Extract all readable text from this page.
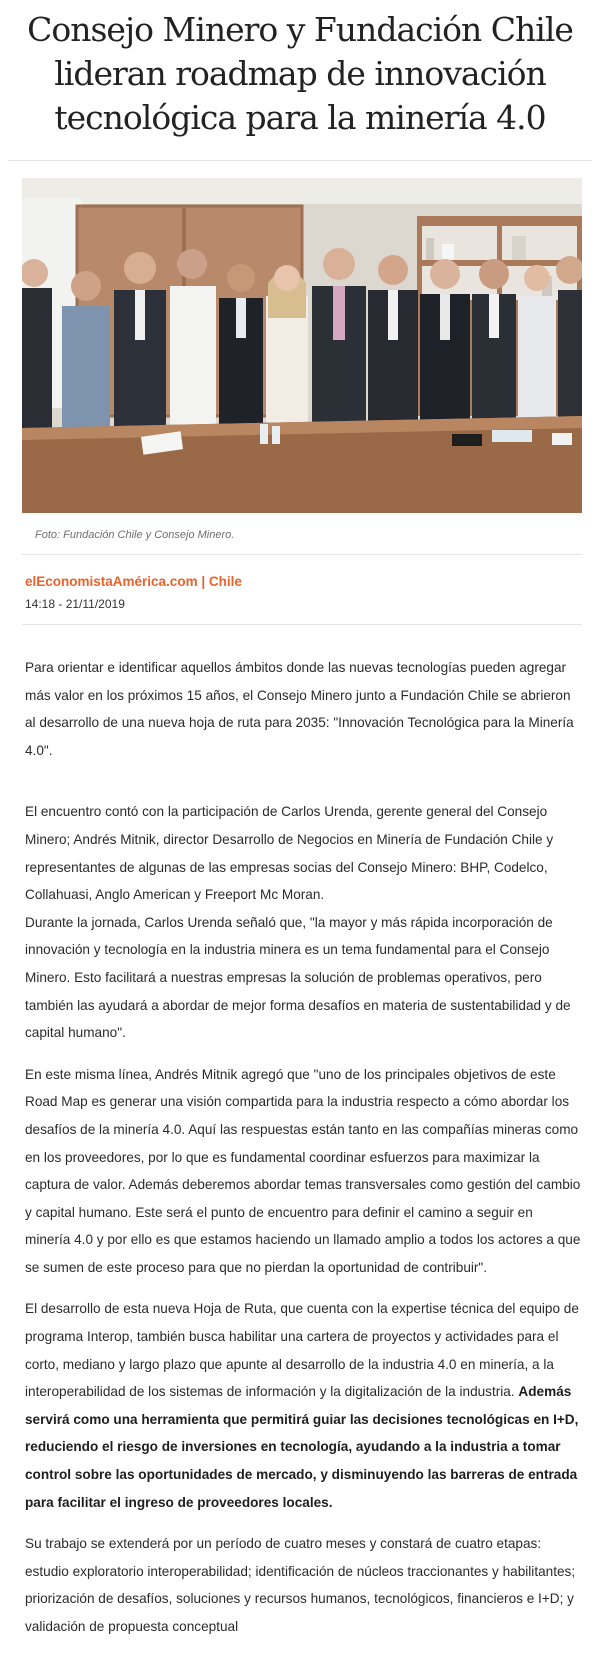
Consejo Minero y Fundación Chile lideran roadmap de innovación tecnológica para la minería 4.0
Foto: Fundación Chile y Consejo Minero.
elEconomistaAmérica.com | Chile
14:18 - 21/11/2019

Para orientar e identificar aquellos ámbitos donde las nuevas tecnologías pueden agregar más valor en los próximos 15 años, el Consejo Minero junto a Fundación Chile se abrieron al desarrollo de una nueva hoja de ruta para 2035: "Innovación Tecnológica para la Minería 4.0".

El encuentro contó con la participación de Carlos Urenda, gerente general del Consejo Minero; Andrés Mitnik, director Desarrollo de Negocios en Minería de Fundación Chile y representantes de algunas de las empresas socias del Consejo Minero: BHP, Codelco, Collahuasi, Anglo American y Freeport Mc Moran.

Durante la jornada, Carlos Urenda señaló que, "la mayor y más rápida incorporación de innovación y tecnología en la industria minera es un tema fundamental para el Consejo Minero. Esto facilitará a nuestras empresas la solución de problemas operativos, pero también las ayudará a abordar de mejor forma desafíos en materia de sustentabilidad y de capital humano".

En este misma línea, Andrés Mitnik agregó que "uno de los principales objetivos de este Road Map es generar una visión compartida para la industria respecto a cómo abordar los desafíos de la minería 4.0. Aquí las respuestas están tanto en las compañías mineras como en los proveedores, por lo que es fundamental coordinar esfuerzos para maximizar la captura de valor. Además deberemos abordar temas transversales como gestión del cambio y capital humano. Este será el punto de encuentro para definir el camino a seguir en minería 4.0 y por ello es que estamos haciendo un llamado amplio a todos los actores a que se sumen de este proceso para que no pierdan la oportunidad de contribuir".

El desarrollo de esta nueva Hoja de Ruta, que cuenta con la expertise técnica del equipo de programa Interop, también busca habilitar una cartera de proyectos y actividades para el corto, mediano y largo plazo que apunte al desarrollo de la industria 4.0 en minería, a la interoperabilidad de los sistemas de información y la digitalización de la industria. Además servirá como una herramienta que permitirá guiar las decisiones tecnológicas en I+D, reduciendo el riesgo de inversiones en tecnología, ayudando a la industria a tomar control sobre las oportunidades de mercado, y disminuyendo las barreras de entrada para facilitar el ingreso de proveedores locales.

Su trabajo se extenderá por un período de cuatro meses y constará de cuatro etapas: estudio exploratorio interoperabilidad; identificación de núcleos traccionantes y habilitantes; priorización de desafíos, soluciones y recursos humanos, tecnológicos, financieros e I+D; y validación de propuesta conceptual
